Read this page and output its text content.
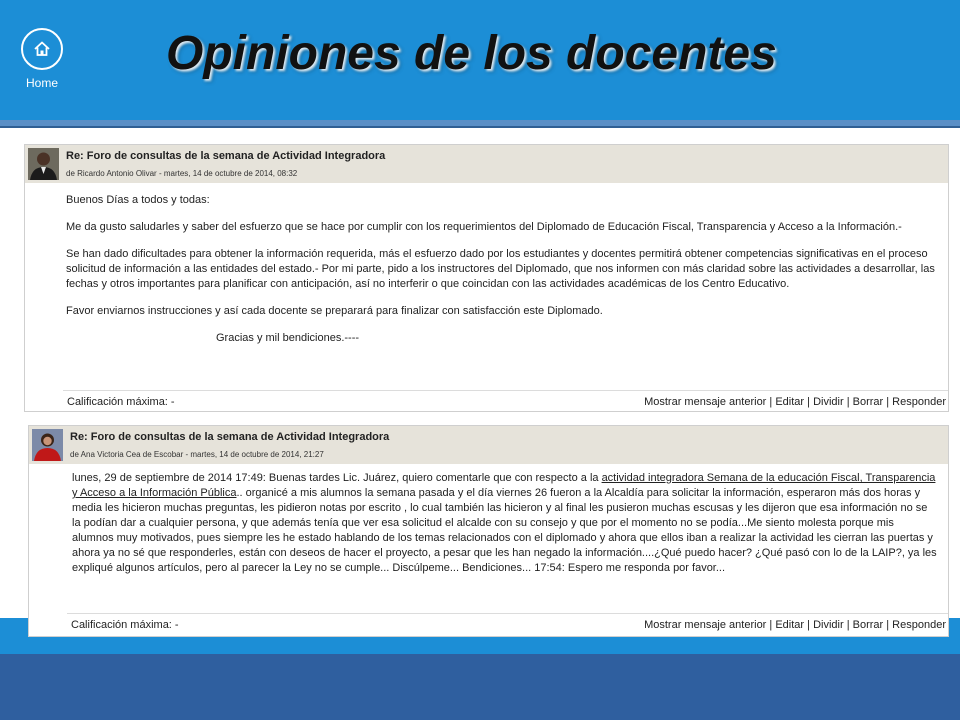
Home
Opiniones de los docentes
Re: Foro de consultas de la semana de Actividad Integradora
de Ricardo Antonio Olivar - martes, 14 de octubre de 2014, 08:32

Buenos Días a todos y todas:

Me da gusto saludarles y saber del esfuerzo que se hace por cumplir con los requerimientos del Diplomado de Educación Fiscal, Transparencia y Acceso a la Información.-

Se han dado dificultades para obtener la información requerida, más el esfuerzo dado por los estudiantes y docentes permitirá obtener competencias significativas en el proceso solicitud de información a las entidades del estado.- Por mi parte, pido a los instructores del Diplomado, que nos informen con más claridad sobre las actividades a desarrollar, las fechas y otros importantes para planificar con anticipación, así no interferir o que coincidan con las actividades académicas de los Centro Educativo.

Favor enviarnos instrucciones y así cada docente se preparará para finalizar con satisfacción este Diplomado.

Gracias y mil bendiciones.----

Calificación máxima: -	Mostrar mensaje anterior | Editar | Dividir | Borrar | Responder
Re: Foro de consultas de la semana de Actividad Integradora
de Ana Victoria Cea de Escobar - martes, 14 de octubre de 2014, 21:27

lunes, 29 de septiembre de 2014 17:49: Buenas tardes Lic. Juárez, quiero comentarle que con respecto a la actividad integradora Semana de la educación Fiscal, Transparencia y Acceso a la Información Pública.. organicé a mis alumnos la semana pasada y el día viernes 26 fueron a la Alcaldía para solicitar la información, esperaron más dos horas y media les hicieron muchas preguntas, les pidieron notas por escrito , lo cual también las hicieron y al final les pusieron muchas escusas y les dijeron que esa información no se la podían dar a cualquier persona, y que además tenía que ver esa solicitud el alcalde con su consejo y que por el momento no se podía...Me siento molesta porque mis alumnos muy motivados, pues siempre les he estado hablando de los temas relacionados con el diplomado y ahora que ellos iban a realizar la actividad les cierran las puertas y ahora ya no sé que responderles, están con deseos de hacer el proyecto, a pesar que les han negado la información....¿Qué puedo hacer? ¿Qué pasó con lo de la LAIP?, ya les expliqué algunos artículos, pero al parecer la Ley no se cumple... Discúlpeme... Bendiciones... 17:54: Espero me responda por favor...

Calificación máxima: -	Mostrar mensaje anterior | Editar | Dividir | Borrar | Responder
